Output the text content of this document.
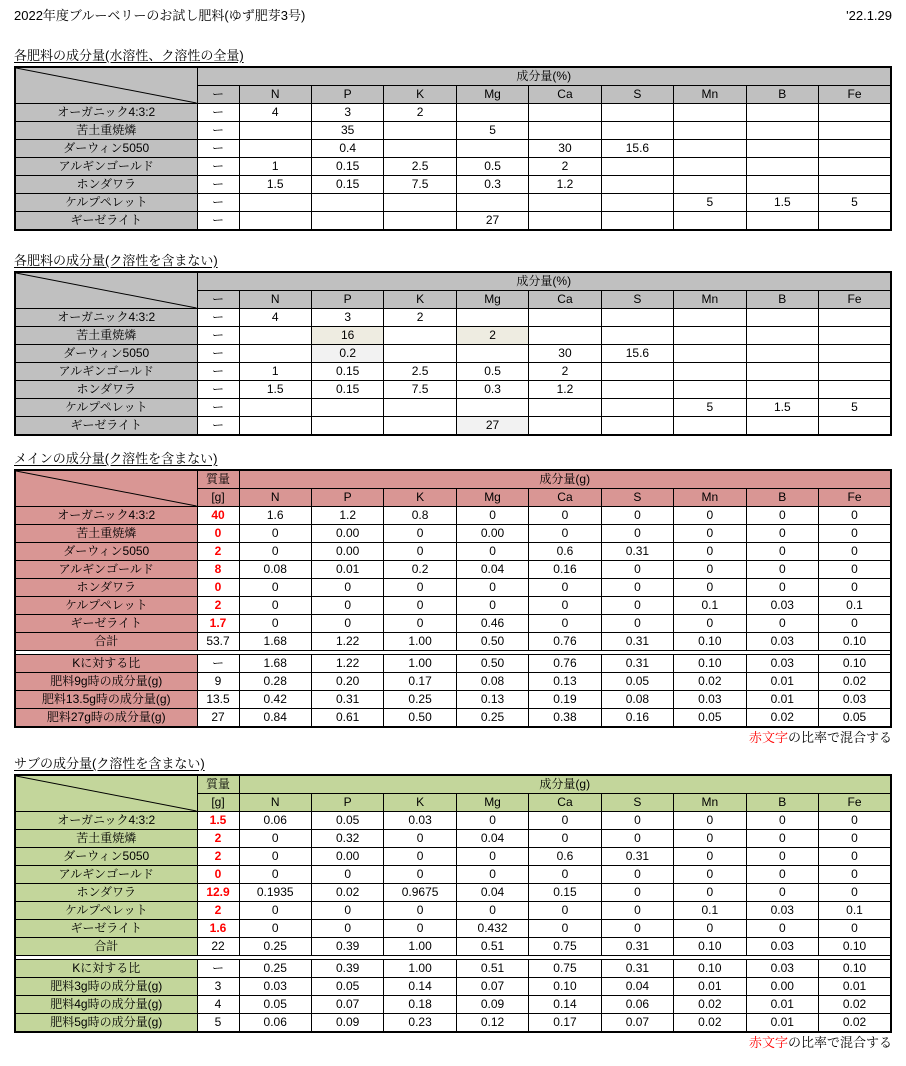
2022年度ブルーベリーのお試し肥料(ゆず肥芽3号)	'22.1.29
各肥料の成分量(水溶性、ク溶性の全量)
	成分量(%)									
	ー	N	P	K	Mg	Ca	S	Mn	B	Fe
オーガニック4:3:2	ー	4	3	2						
苦土重焼燐	ー		35		5					
ダーウィン5050	ー		0.4			30	15.6			
アルギンゴールド	ー	1	0.15	2.5	0.5	2				
ホンダワラ	ー	1.5	0.15	7.5	0.3	1.2				
ケルプペレット	ー							5	1.5	5
ギーゼライト	ー				27					
各肥料の成分量(ク溶性を含まない)
	成分量(%)									
	ー	N	P	K	Mg	Ca	S	Mn	B	Fe
オーガニック4:3:2	ー	4	3	2						
苦土重焼燐	ー		16		2					
ダーウィン5050	ー		0.2			30	15.6			
アルギンゴールド	ー	1	0.15	2.5	0.5	2				
ホンダワラ	ー	1.5	0.15	7.5	0.3	1.2				
ケルプペレット	ー							5	1.5	5
ギーゼライト	ー				27					
メインの成分量(ク溶性を含まない)
	質量	成分量(g)								
	[g]	N	P	K	Mg	Ca	S	Mn	B	Fe
オーガニック4:3:2	40	1.6	1.2	0.8	0	0	0	0	0	0
苦土重焼燐	0	0	0.00	0	0.00	0	0	0	0	0
ダーウィン5050	2	0	0.00	0	0	0.6	0.31	0	0	0
アルギンゴールド	8	0.08	0.01	0.2	0.04	0.16	0	0	0	0
ホンダワラ	0	0	0	0	0	0	0	0	0	0
ケルプペレット	2	0	0	0	0	0	0	0.1	0.03	0.1
ギーゼライト	1.7	0	0	0	0.46	0	0	0	0	0
合計	53.7	1.68	1.22	1.00	0.50	0.76	0.31	0.10	0.03	0.10

Kに対する比	ー	1.68	1.22	1.00	0.50	0.76	0.31	0.10	0.03	0.10
肥料9g時の成分量(g)	9	0.28	0.20	0.17	0.08	0.13	0.05	0.02	0.01	0.02
肥料13.5g時の成分量(g)	13.5	0.42	0.31	0.25	0.13	0.19	0.08	0.03	0.01	0.03
肥料27g時の成分量(g)	27	0.84	0.61	0.50	0.25	0.38	0.16	0.05	0.02	0.05
赤文字の比率で混合する
サブの成分量(ク溶性を含まない)
	質量	成分量(g)								
	[g]	N	P	K	Mg	Ca	S	Mn	B	Fe
オーガニック4:3:2	1.5	0.06	0.05	0.03	0	0	0	0	0	0
苦土重焼燐	2	0	0.32	0	0.04	0	0	0	0	0
ダーウィン5050	2	0	0.00	0	0	0.6	0.31	0	0	0
アルギンゴールド	0	0	0	0	0	0	0	0	0	0
ホンダワラ	12.9	0.1935	0.02	0.9675	0.04	0.15	0	0	0	0
ケルプペレット	2	0	0	0	0	0	0	0.1	0.03	0.1
ギーゼライト	1.6	0	0	0	0.432	0	0	0	0	0
合計	22	0.25	0.39	1.00	0.51	0.75	0.31	0.10	0.03	0.10

Kに対する比	ー	0.25	0.39	1.00	0.51	0.75	0.31	0.10	0.03	0.10
肥料3g時の成分量(g)	3	0.03	0.05	0.14	0.07	0.10	0.04	0.01	0.00	0.01
肥料4g時の成分量(g)	4	0.05	0.07	0.18	0.09	0.14	0.06	0.02	0.01	0.02
肥料5g時の成分量(g)	5	0.06	0.09	0.23	0.12	0.17	0.07	0.02	0.01	0.02
赤文字の比率で混合する
